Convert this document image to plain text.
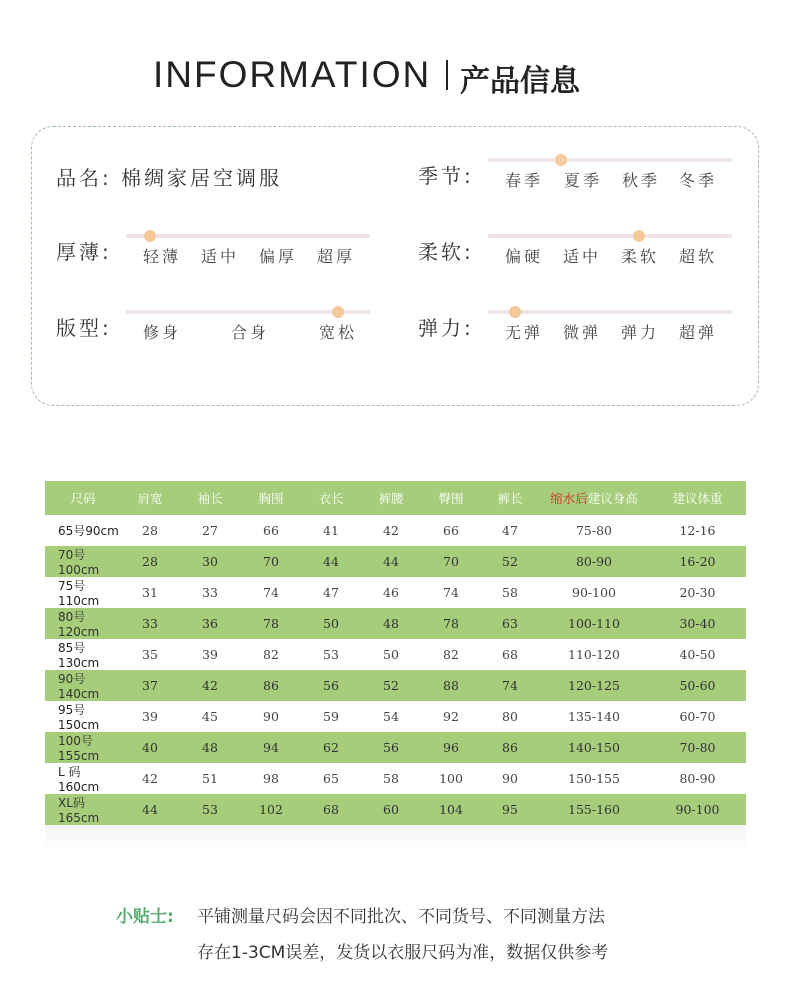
INFORMATION 产品信息
品名: 棉绸家居空调服	季节: 春季 夏季 秋季 冬季
厚薄: 轻薄 适中 偏厚 超厚	柔软: 偏硬 适中 柔软 超软
版型: 修身	合身	宽松	弹力: 无弹 微弹 弹力 超弹
尺码	肩宽	袖长	胸围	衣长	裤腰	臀围	裤长	缩水后建议身高	建议体重
65号90cm	28	27	66	41	42	66	47	75-80	12-16
70号100cm	28	30	70	44	44	70	52	80-90	16-20
75号110cm	31	33	74	47	46	74	58	90-100	20-30
80号120cm	33	36	78	50	48	78	63	100-110	30-40
85号130cm	35	39	82	53	50	82	68	110-120	40-50
90号140cm	37	42	86	56	52	88	74	120-125	50-60
95号150cm	39	45	90	59	54	92	80	135-140	60-70
100号155cm	40	48	94	62	56	96	86	140-150	70-80
L 码 160cm	42	51	98	65	58	100	90	150-155	80-90
XL码165cm	44	53	102	68	60	104	95	155-160	90-100
小贴士: 平铺测量尺码会因不同批次、不同货号、不同测量方法
存在1-3CM误差，发货以衣服尺码为准，数据仅供参考
